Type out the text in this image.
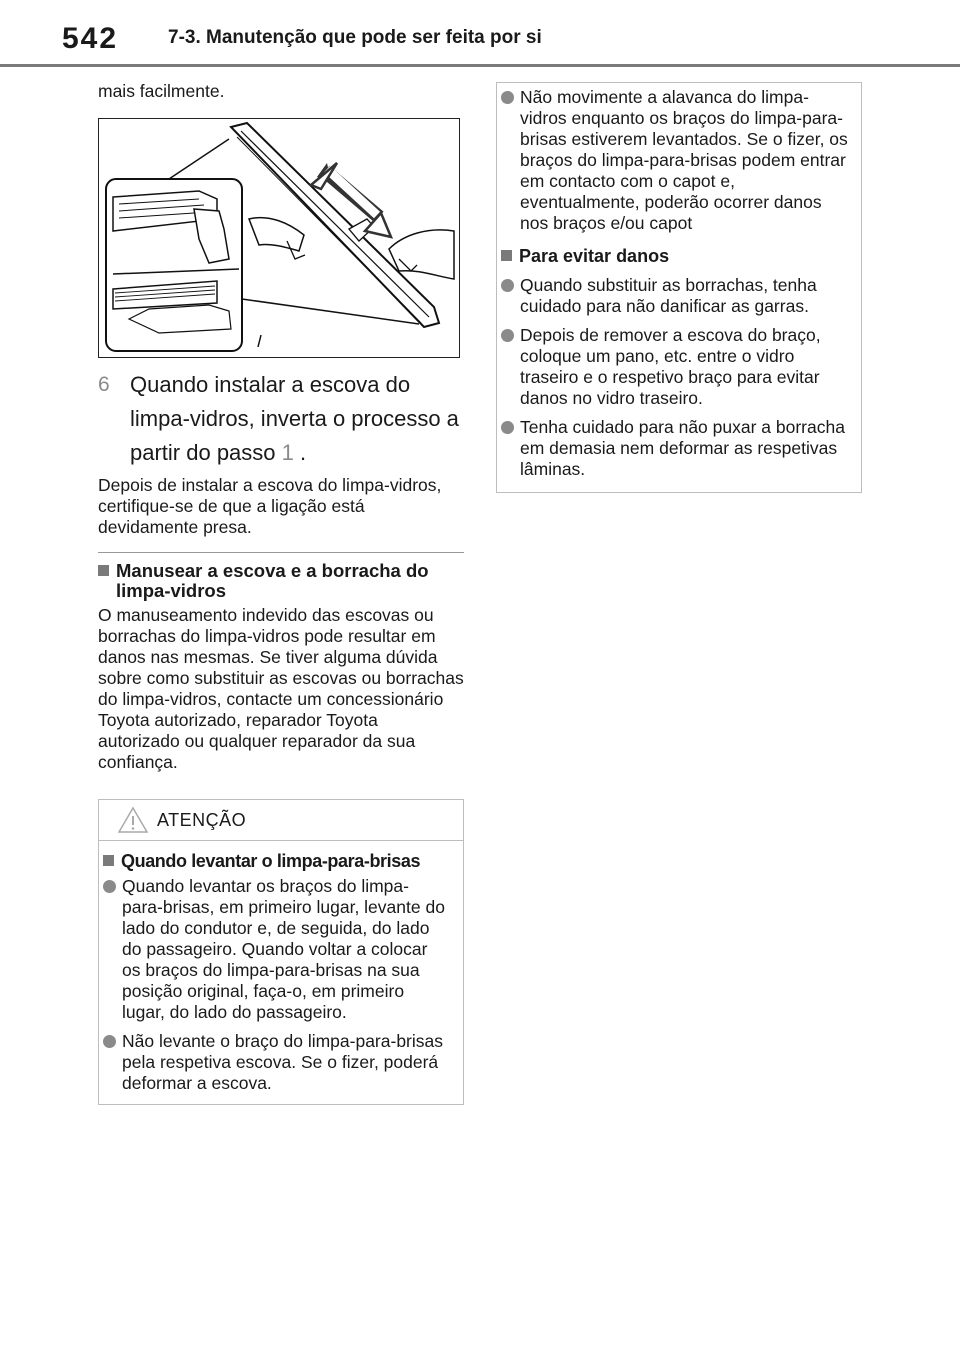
542	7-3. Manutenção que pode ser feita por si

mais facilmente.

6 Quando instalar a escova do limpa-vidros, inverta o processo a partir do passo 1 .

Depois de instalar a escova do limpa-vidros, certifique-se de que a ligação está devidamente presa.

Manusear a escova e a borracha do limpa-vidros

O manuseamento indevido das escovas ou borrachas do limpa-vidros pode resultar em danos nas mesmas. Se tiver alguma dúvida sobre como substituir as escovas ou borrachas do limpa-vidros, contacte um concessionário Toyota autorizado, reparador Toyota autorizado ou qualquer reparador da sua confiança.

ATENÇÃO
Quando levantar o limpa-para-brisas
Quando levantar os braços do limpa-para-brisas, em primeiro lugar, levante do lado do condutor e, de seguida, do lado do passageiro. Quando voltar a colocar os braços do limpa-para-brisas na sua posição original, faça-o, em primeiro lugar, do lado do passageiro.
Não levante o braço do limpa-para-brisas pela respetiva escova. Se o fizer, poderá deformar a escova.
Não movimente a alavanca do limpa-vidros enquanto os braços do limpa-para-brisas estiverem levantados. Se o fizer, os braços do limpa-para-brisas podem entrar em contacto com o capot e, eventualmente, poderão ocorrer danos nos braços e/ou capot
Para evitar danos
Quando substituir as borrachas, tenha cuidado para não danificar as garras.
Depois de remover a escova do braço, coloque um pano, etc. entre o vidro traseiro e o respetivo braço para evitar danos no vidro traseiro.
Tenha cuidado para não puxar a borracha em demasia nem deformar as respetivas lâminas.
